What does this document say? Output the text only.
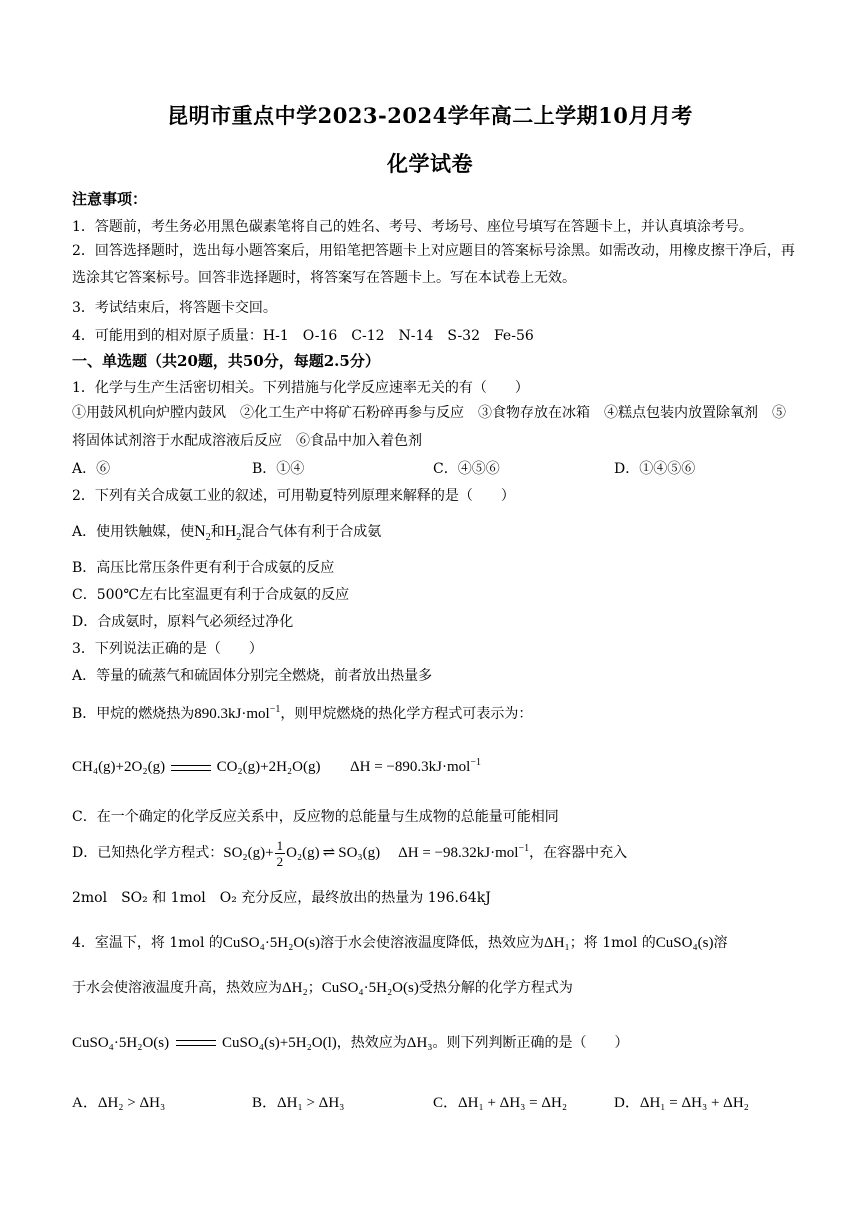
昆明市重点中学2023-2024学年高二上学期10月月考
化学试卷
注意事项：
1．答题前，考生务必用黑色碳素笔将自己的姓名、考号、考场号、座位号填写在答题卡上，并认真填涂考号。
2．回答选择题时，选出每小题答案后，用铅笔把答题卡上对应题目的答案标号涂黑。如需改动，用橡皮擦干净后，再选涂其它答案标号。回答非选择题时，将答案写在答题卡上。写在本试卷上无效。
3．考试结束后，将答题卡交回。
4．可能用到的相对原子质量：H-1　O-16　C-12　N-14　S-32　Fe-56
一、单选题（共20题，共50分，每题2.5分）
1．化学与生产生活密切相关。下列措施与化学反应速率无关的有（　　）
①用鼓风机向炉膛内鼓风　②化工生产中将矿石粉碎再参与反应　③食物存放在冰箱　④糕点包装内放置除氧剂　⑤将固体试剂溶于水配成溶液后反应　⑥食品中加入着色剂
A．⑥	B．①④	C．④⑤⑥	D．①④⑤⑥
2．下列有关合成氨工业的叙述，可用勒夏特列原理来解释的是（　　）
A．使用铁触媒，使$N_2$和$H_2$混合气体有利于合成氨
B．高压比常压条件更有利于合成氨的反应
C．500℃左右比室温更有利于合成氨的反应
D．合成氨时，原料气必须经过净化
3．下列说法正确的是（　　）
A．等量的硫蒸气和硫固体分别完全燃烧，前者放出热量多
B．甲烷的燃烧热为890.3kJ·mol$^{-1}$，则甲烷燃烧的热化学方程式可表示为：
CH₄(g)+2O₂(g)	CO₂(g)+2H₂O(g) ΔH = −890.3kJ·mol$^{-1}$
C．在一个确定的化学反应关系中，反应物的总能量与生成物的总能量可能相同
D．已知热化学方程式：$SO_2(g)+ \frac{1}{2} O_2(g)$ ⇌ SO₃(g) ΔH = −98.32kJ·mol$^{-1}$，在容器中充入
2mol　SO₂ 和 1mol　O₂ 充分反应，最终放出的热量为 196.64kJ
4．室温下，将 1mol 的CuSO₄·5H₂O(s)溶于水会使溶液温度降低，热效应为ΔH₁；将 1mol 的CuSO₄(s)溶
于水会使溶液温度升高，热效应为ΔH₂；CuSO₄·5H₂O(s)受热分解的化学方程式为
CuSO₄·5H₂O(s)	CuSO₄(s)+5H₂O(l)，热效应为ΔH₃。则下列判断正确的是（　　）
A．ΔH₂ > ΔH₃	B．ΔH₁ > ΔH₃	C．ΔH₁ + ΔH₃ = ΔH₂	D．ΔH₁ = ΔH₃ + ΔH₂
